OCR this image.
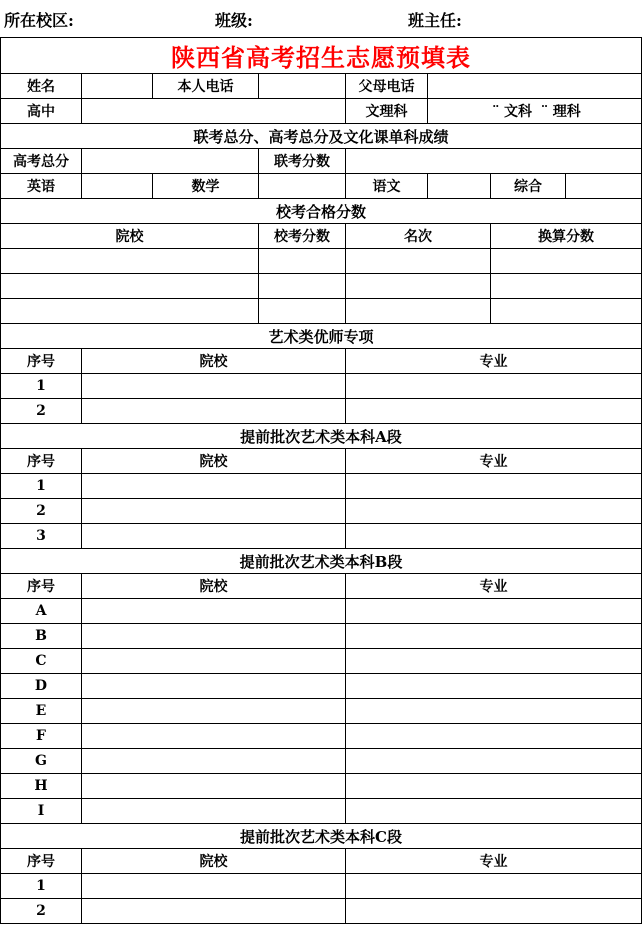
所在校区:	班级:	班主任:
陕西省高考招生志愿预填表							
姓名		本人电话		父母电话			
高中				文理科	¨ 文科 ¨ 理科		
联考总分、高考总分及文化课单科成绩							
高考总分			联考分数				
英语		数学		语文		综合	
校考合格分数							
院校			校考分数	名次		换算分数	

艺术类优师专项							
序号	院校			专业			
1							
2							
提前批次艺术类本科A段							
序号	院校			专业			
1							
2							
3							
提前批次艺术类本科B段							
序号	院校			专业			
A							
B							
C							
D							
E							
F							
G							
H							
I							
提前批次艺术类本科C段							
序号	院校			专业			
1							
2							
